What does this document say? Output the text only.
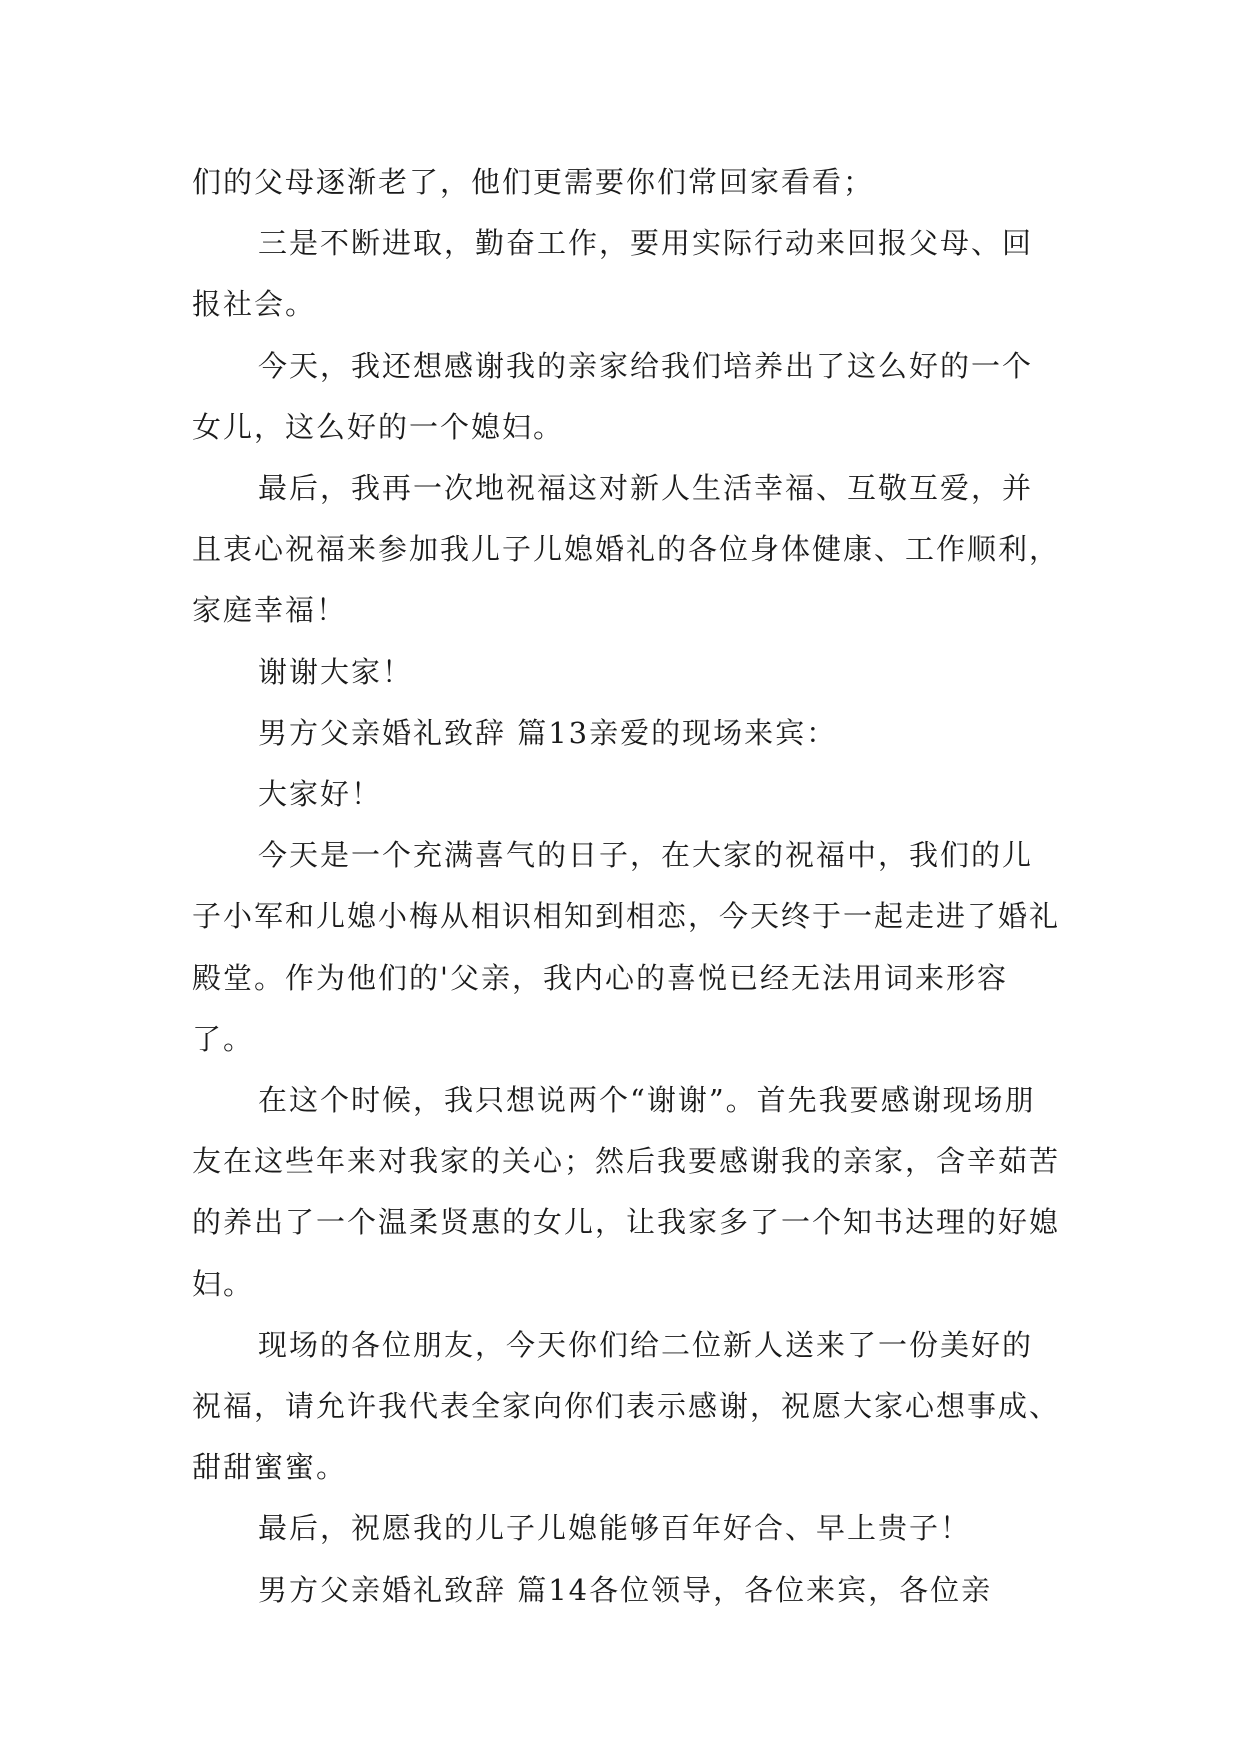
们的父母逐渐老了，他们更需要你们常回家看看；

三是不断进取，勤奋工作，要用实际行动来回报父母、回报社会。

今天，我还想感谢我的亲家给我们培养出了这么好的一个女儿，这么好的一个媳妇。

最后，我再一次地祝福这对新人生活幸福、互敬互爱，并且衷心祝福来参加我儿子儿媳婚礼的各位身体健康、工作顺利，家庭幸福！

谢谢大家！

男方父亲婚礼致辞 篇13亲爱的现场来宾：

大家好！

今天是一个充满喜气的日子，在大家的祝福中，我们的儿子小军和儿媳小梅从相识相知到相恋，今天终于一起走进了婚礼殿堂。作为他们的'父亲，我内心的喜悦已经无法用词来形容了。

在这个时候，我只想说两个“谢谢”。首先我要感谢现场朋友在这些年来对我家的关心；然后我要感谢我的亲家，含辛茹苦的养出了一个温柔贤惠的女儿，让我家多了一个知书达理的好媳妇。

现场的各位朋友，今天你们给二位新人送来了一份美好的祝福，请允许我代表全家向你们表示感谢，祝愿大家心想事成、甜甜蜜蜜。

最后，祝愿我的儿子儿媳能够百年好合、早上贵子！

男方父亲婚礼致辞 篇14各位领导，各位来宾，各位亲
